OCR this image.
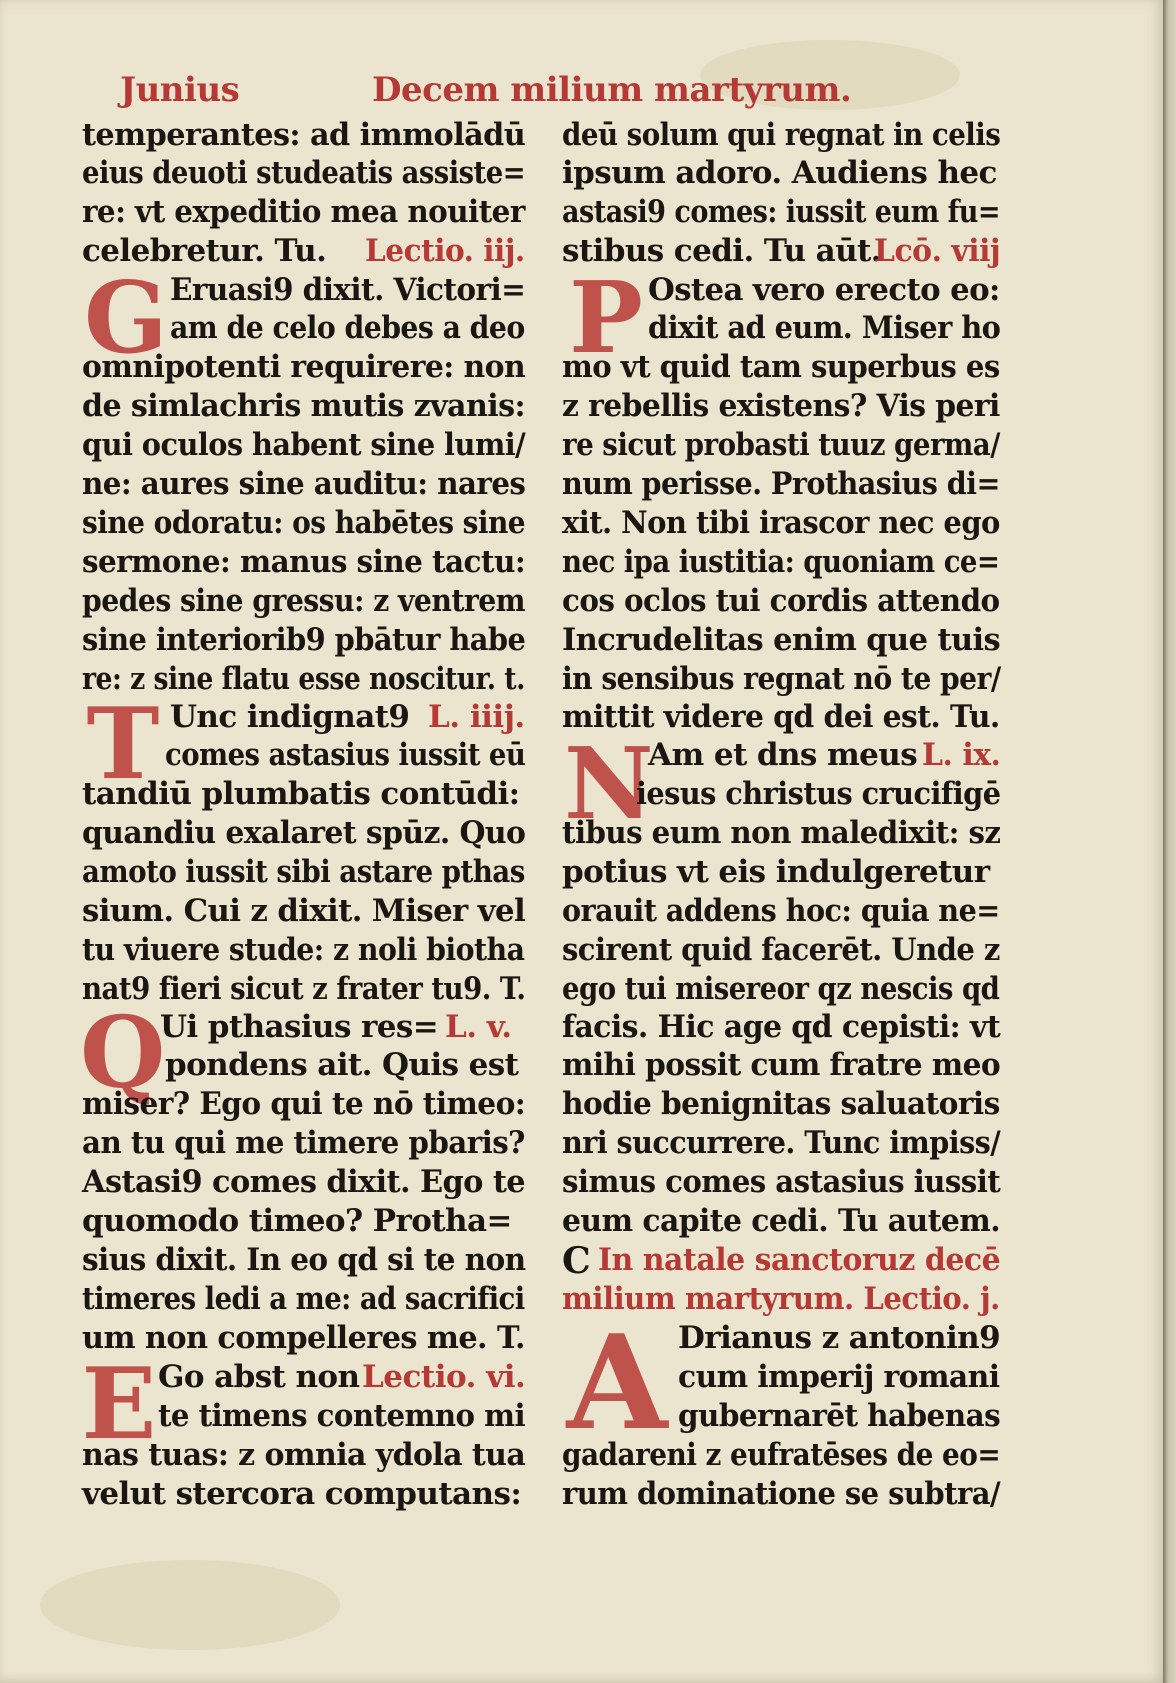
Junius	Decem milium martyrum.
temperantes: ad immolādū
eius deuoti studeatis assiste=
re: vt expeditio mea nouiter
celebretur. Tu. Lectio. iij.
G Eruasi9 dixit. Victori=
am de celo debes a deo
omnipotenti requirere: non
de simlachris mutis zvanis:
qui oculos habent sine lumi/
ne: aures sine auditu: nares
sine odoratu: os habētes sine
sermone: manus sine tactu:
pedes sine gressu: z ventrem
sine interiorib9 pbātur habe
re: z sine flatu esse noscitur. t.
T Unc indignat9 L. iiij.
comes astasius iussit eū
tandiū plumbatis contūdi:
quandiu exalaret spūz. Quo
amoto iussit sibi astare pthas
sium. Cui z dixit. Miser vel
tu viuere stude: z noli biotha
nat9 fieri sicut z frater tu9. T.
Q
Ui pthasius res= L. v.
pondens ait. Quis est
miser? Ego qui te nō timeo:
an tu qui me timere pbaris?
Astasi9 comes dixit. Ego te
quomodo timeo? Protha=
sius dixit. In eo qd si te non
timeres ledi a me: ad sacrifici
um non compelleres me. T.
E Go abst non Lectio. vi.
te timens contemno mi
nas tuas: z omnia ydola tua
velut stercora computans:
deū solum qui regnat in celis
ipsum adoro. Audiens hec
astasi9 comes: iussit eum fu=
stibus cedi. Tu aūt.
Lcō. viij
P Ostea vero erecto eo:
dixit ad eum. Miser ho
mo vt quid tam superbus es
z rebellis existens? Vis peri
re sicut probasti tuuz germa/
num perisse. Prothasius di=
xit. Non tibi irascor nec ego
nec ipa iustitia: quoniam ce=
cos oclos tui cordis attendo
Incrudelitas enim que tuis
in sensibus regnat nō te per/
mittit videre qd dei est. Tu.
N
Am et dns meus L. ix.
iesus christus crucifigē
tibus eum non maledixit: sz
potius vt eis indulgeretur
orauit addens hoc: quia ne=
scirent quid facerēt. Unde z
ego tui misereor qz nescis qd
facis. Hic age qd cepisti: vt
mihi possit cum fratre meo
hodie benignitas saluatoris
nri succurrere. Tunc impiss/
simus comes astasius iussit
eum capite cedi. Tu autem.
C In natale sanctoruz decē
milium martyrum. Lectio. j.
A Drianus z antonin9
cum imperij romani
gubernarēt habenas
gadareni z eufratēses de eo=
rum dominatione se subtra/
